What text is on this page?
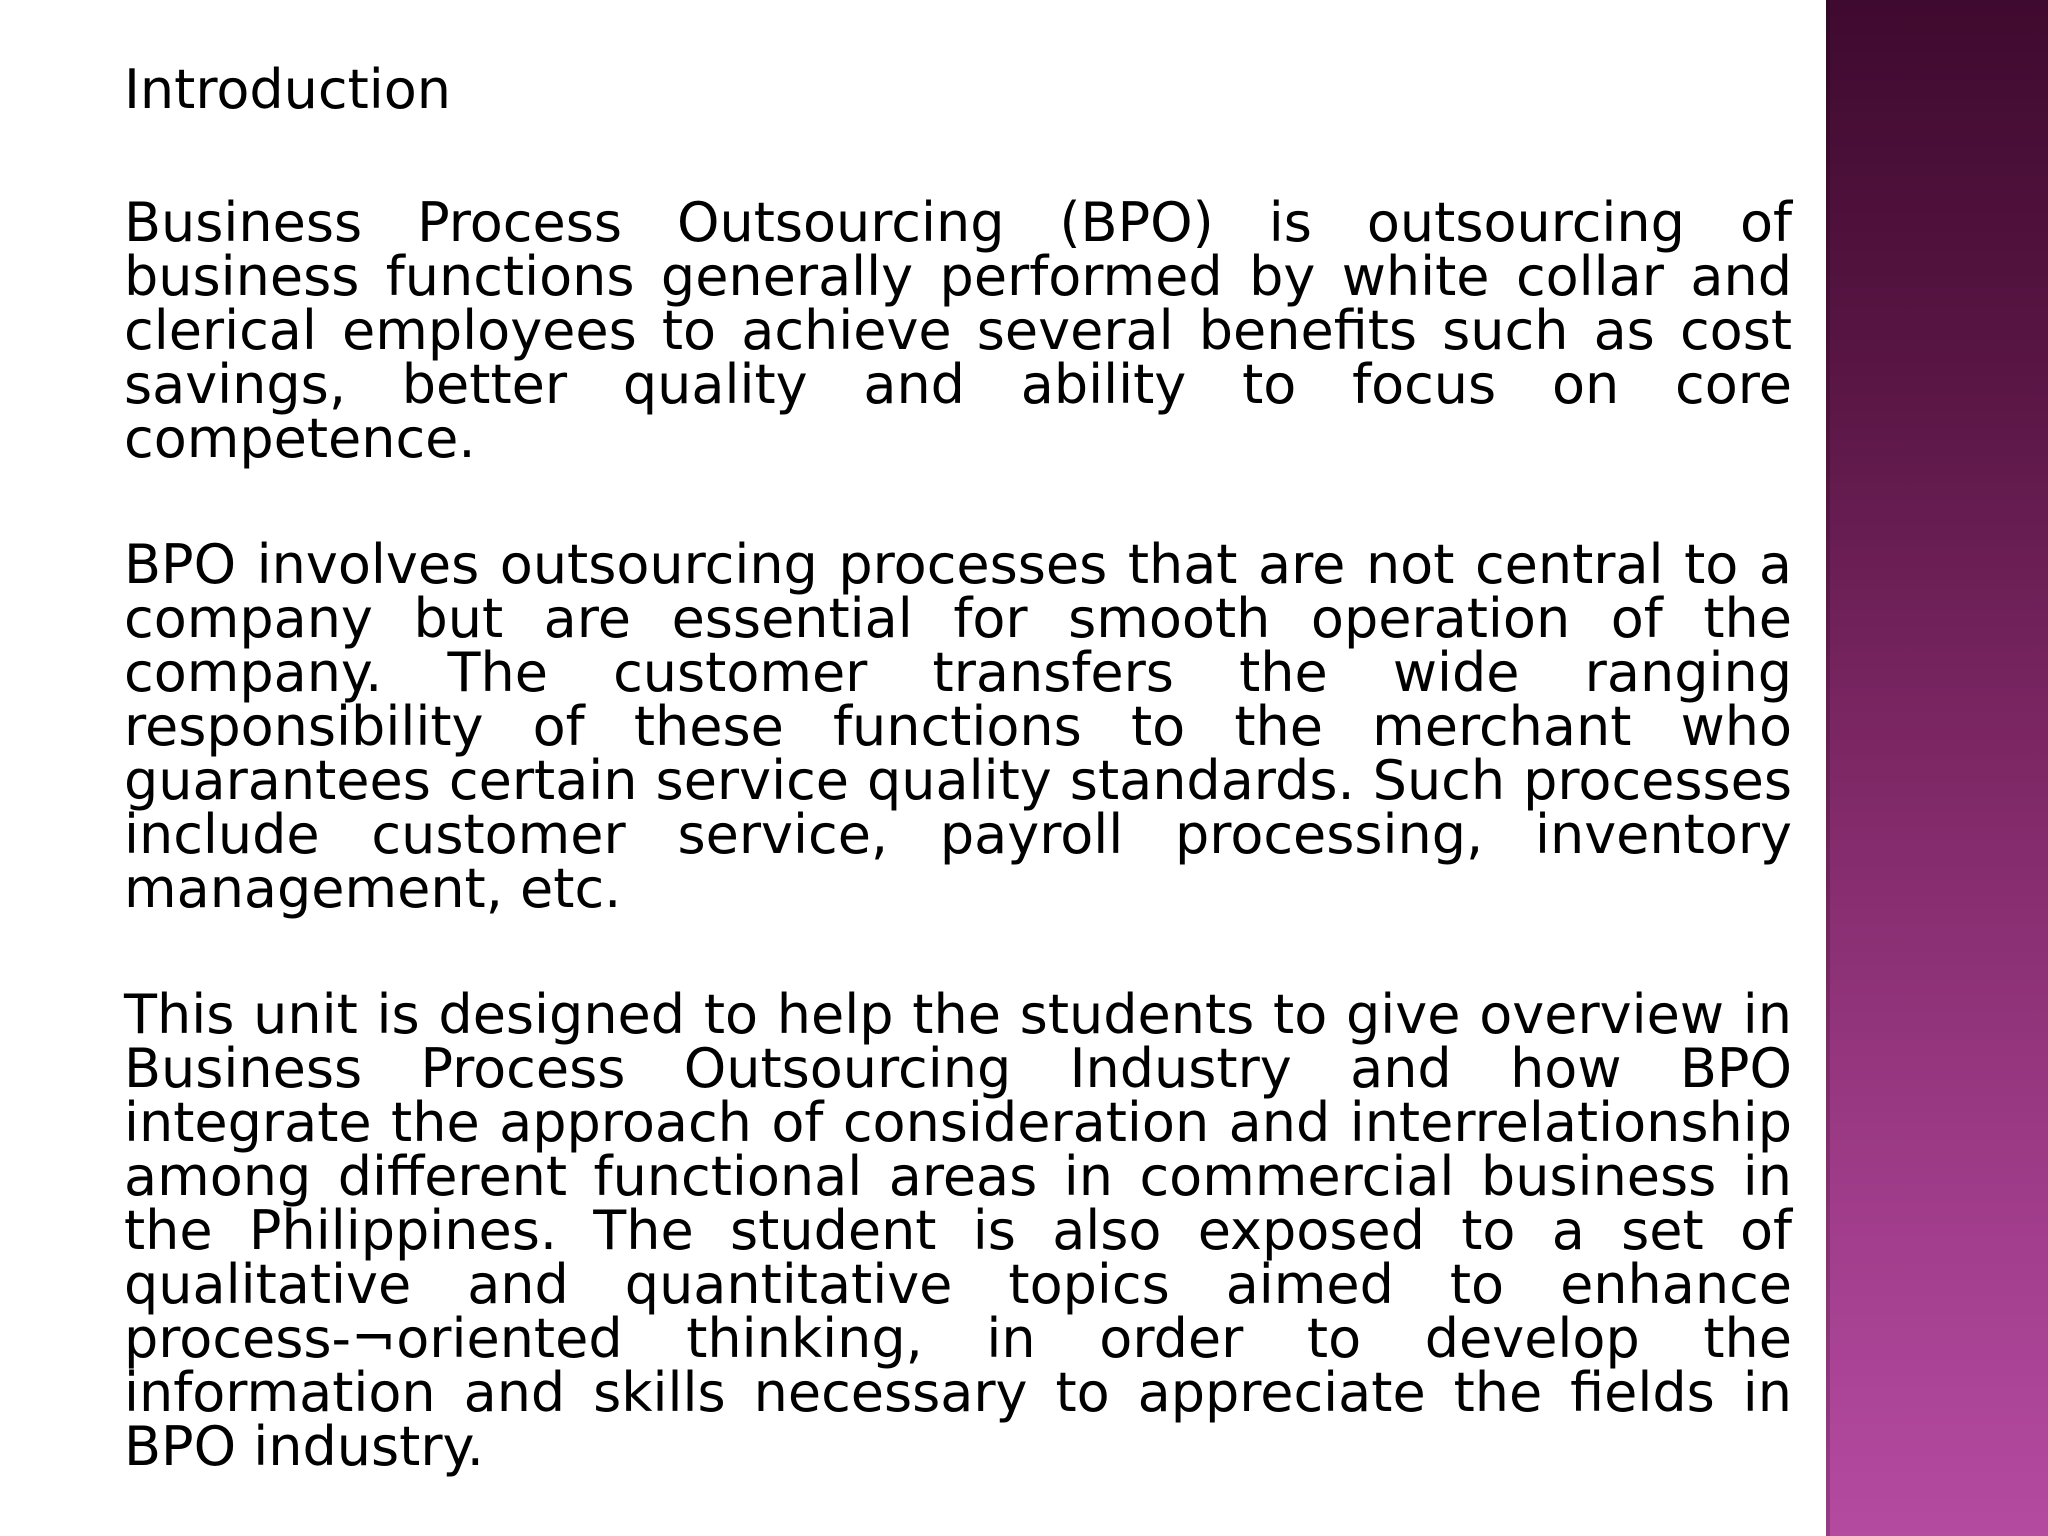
Introduction

Business Process Outsourcing (BPO) is outsourcing of business functions generally performed by white collar and clerical employees to achieve several benefits such as cost savings, better quality and ability to focus on core competence.

BPO involves outsourcing processes that are not central to a company but are essential for smooth operation of the company. The customer transfers the wide ranging responsibility of these functions to the merchant who guarantees certain service quality standards. Such processes include customer service, payroll processing, inventory management, etc.

This unit is designed to help the students to give overview in Business Process Outsourcing Industry and how BPO integrate the approach of consideration and interrelationship among different functional areas in commercial business in the Philippines. The student is also exposed to a set of qualitative and quantitative topics aimed to enhance process-¬oriented thinking, in order to develop the information and skills necessary to appreciate the fields in BPO industry.
